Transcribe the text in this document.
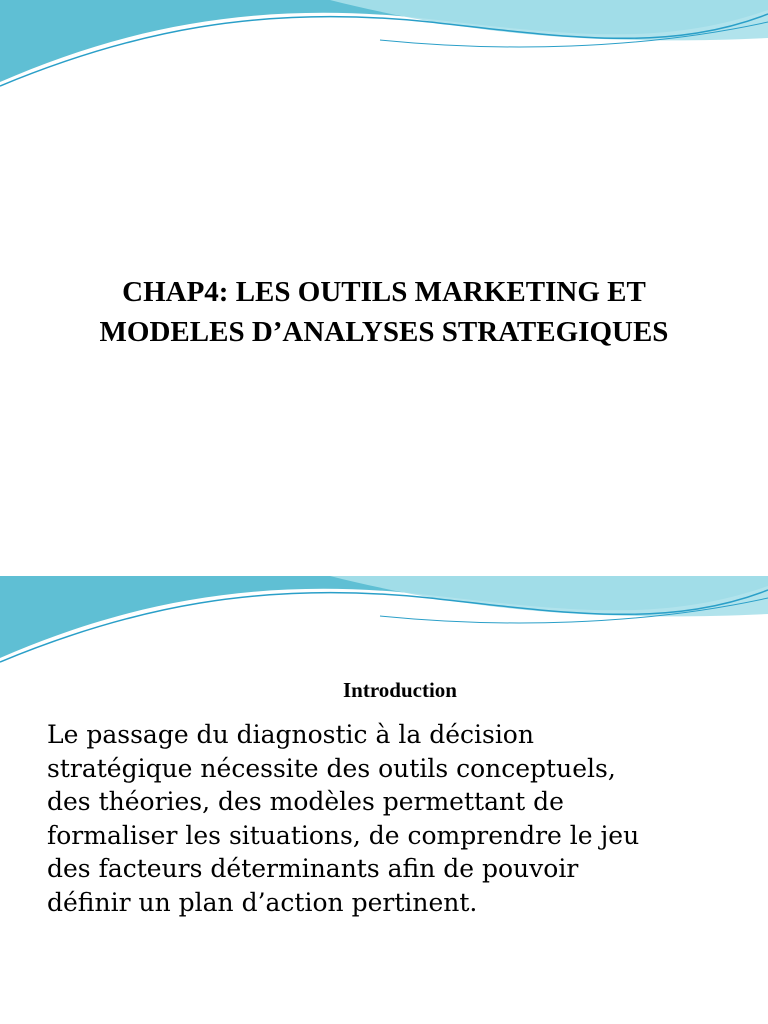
CHAP4: LES OUTILS MARKETING ET
MODELES D’ANALYSES STRATEGIQUES
Introduction
Le passage du diagnostic à la décision
stratégique nécessite des outils conceptuels,
des théories, des modèles permettant de
formaliser les situations, de comprendre le jeu
des facteurs déterminants afin de pouvoir
définir un plan d’action pertinent.
